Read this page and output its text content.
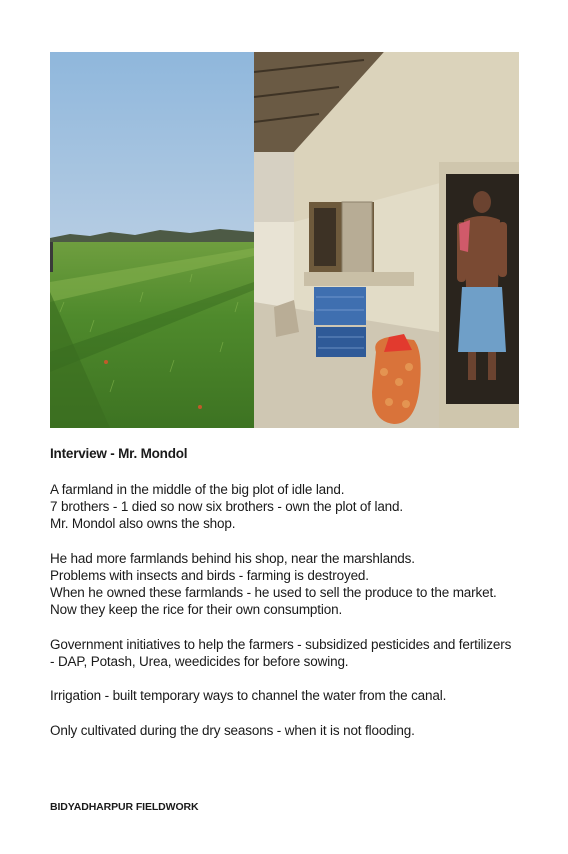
Interview - Mr. Mondol
A farmland in the middle of the big plot of idle land.
7 brothers - 1 died so now six brothers - own the plot of land.
Mr. Mondol also owns the shop.
He had more farmlands behind his shop, near the marshlands.
Problems with insects and birds - farming is destroyed.
When he owned these farmlands - he used to sell the produce to the market.
Now they keep the rice for their own consumption.
Government initiatives to help the farmers - subsidized pesticides and fertilizers
- DAP, Potash, Urea, weedicides for before sowing.
Irrigation - built temporary ways to channel the water from the canal.
Only cultivated during the dry seasons - when it is not flooding.
BIDYADHARPUR FIELDWORK
